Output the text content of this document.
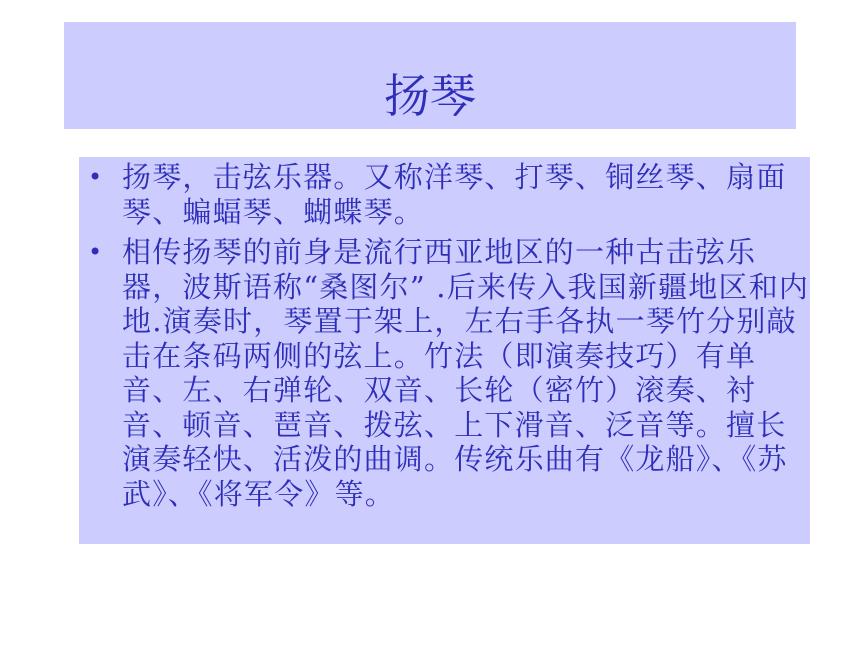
扬琴
• 扬琴，击弦乐器。又称洋琴、打琴、铜丝琴、扇面琴、蝙蝠琴、蝴蝶琴。
• 相传扬琴的前身是流行西亚地区的一种古击弦乐器，波斯语称“桑图尔” .后来传入我国新疆地区和内地.演奏时，琴置于架上，左右手各执一琴竹分别敲击在条码两侧的弦上。竹法（即演奏技巧）有单音、左、右弹轮、双音、长轮（密竹）滚奏、衬音、顿音、琶音、拨弦、上下滑音、泛音等。擅长演奏轻快、活泼的曲调。传统乐曲有《龙船》、《苏武》、《将军令》等。
